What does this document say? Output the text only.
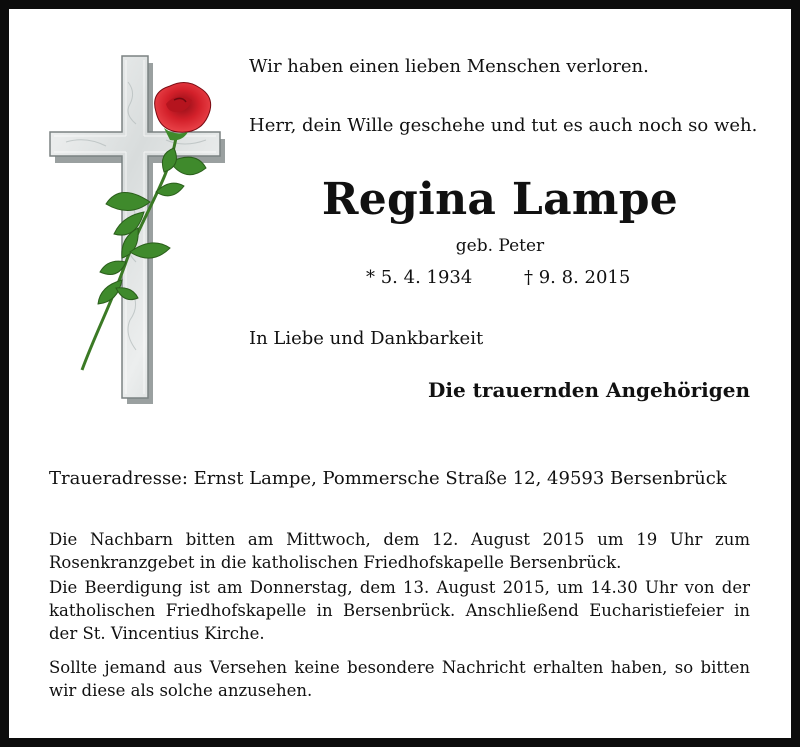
Wir haben einen lieben Menschen verloren.
Herr, dein Wille geschehe und tut es auch noch so weh.
Regina Lampe
geb. Peter
* 5. 4. 1934	† 9. 8. 2015
In Liebe und Dankbarkeit
Die trauernden Angehörigen
Traueradresse: Ernst Lampe, Pommersche Straße 12, 49593 Bersenbrück

Die Nachbarn bitten am Mittwoch, dem 12. August 2015 um 19 Uhr zum Rosenkranzgebet in die katholischen Friedhofskapelle Bersenbrück.

Die Beerdigung ist am Donnerstag, dem 13. August 2015, um 14.30 Uhr von der katholischen Friedhofskapelle in Bersenbrück. Anschließend Eucharistiefeier in der St. Vincentius Kirche.

Sollte jemand aus Versehen keine besondere Nachricht erhalten haben, so bitten wir diese als solche anzusehen.
